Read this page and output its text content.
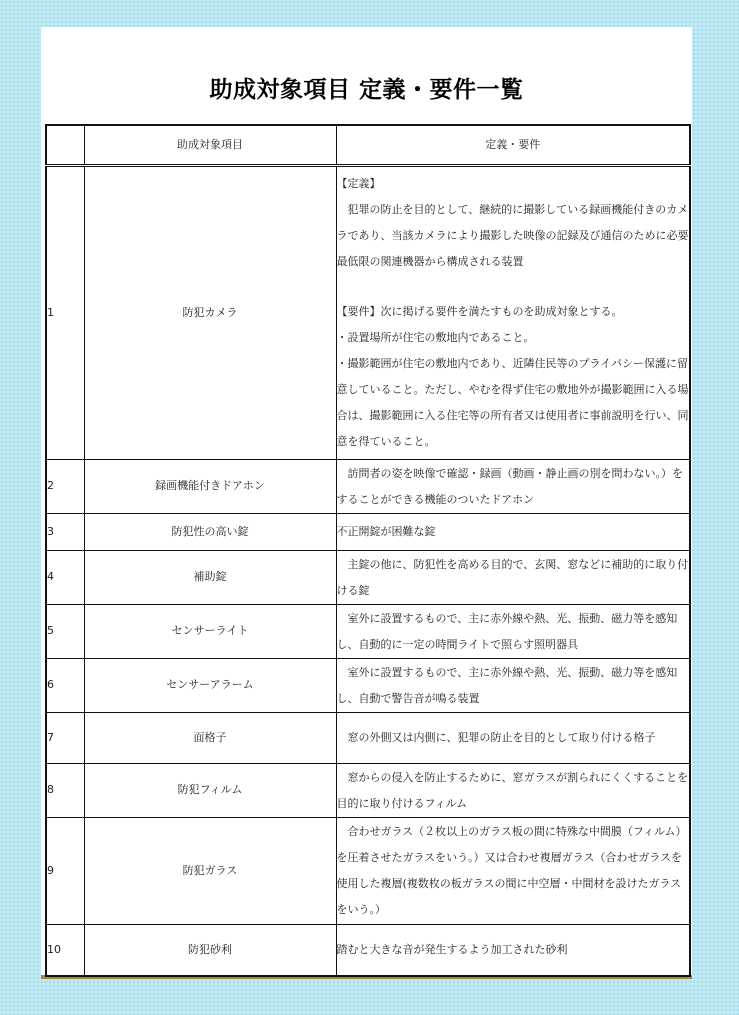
助成対象項目 定義・要件一覧
	助成対象項目	定義・要件
1	防犯カメラ	【定義】

犯罪の防止を目的として、継続的に撮影している録画機能付きのカメラであり、当該カメラにより撮影した映像の記録及び通信のために必要最低限の関連機器から構成される装置

【要件】次に掲げる要件を満たすものを助成対象とする。

・設置場所が住宅の敷地内であること。

・撮影範囲が住宅の敷地内であり、近隣住民等のプライバシー保護に留意していること。ただし、やむを得ず住宅の敷地外が撮影範囲に入る場合は、撮影範囲に入る住宅等の所有者又は使用者に事前説明を行い、同意を得ていること。

2	録画機能付きドアホン	訪問者の姿を映像で確認・録画（動画・静止画の別を問わない。）をすることができる機能のついたドアホン
3	防犯性の高い錠	不正開錠が困難な錠
4	補助錠	主錠の他に、防犯性を高める目的で、玄関、窓などに補助的に取り付ける錠
5	センサーライト	室外に設置するもので、主に赤外線や熱、光、振動、磁力等を感知し、自動的に一定の時間ライトで照らす照明器具
6	センサーアラーム	室外に設置するもので、主に赤外線や熱、光、振動、磁力等を感知し、自動で警告音が鳴る装置
7	面格子	窓の外側又は内側に、犯罪の防止を目的として取り付ける格子
8	防犯フィルム	窓からの侵入を防止するために、窓ガラスが割られにくくすることを目的に取り付けるフィルム
9	防犯ガラス	合わせガラス（２枚以上のガラス板の間に特殊な中間膜（フィルム）を圧着させたガラスをいう。）又は合わせ複層ガラス（合わせガラスを使用した複層(複数枚の板ガラスの間に中空層・中間材を設けたガラスをいう。）
10	防犯砂利	踏むと大きな音が発生するよう加工された砂利
